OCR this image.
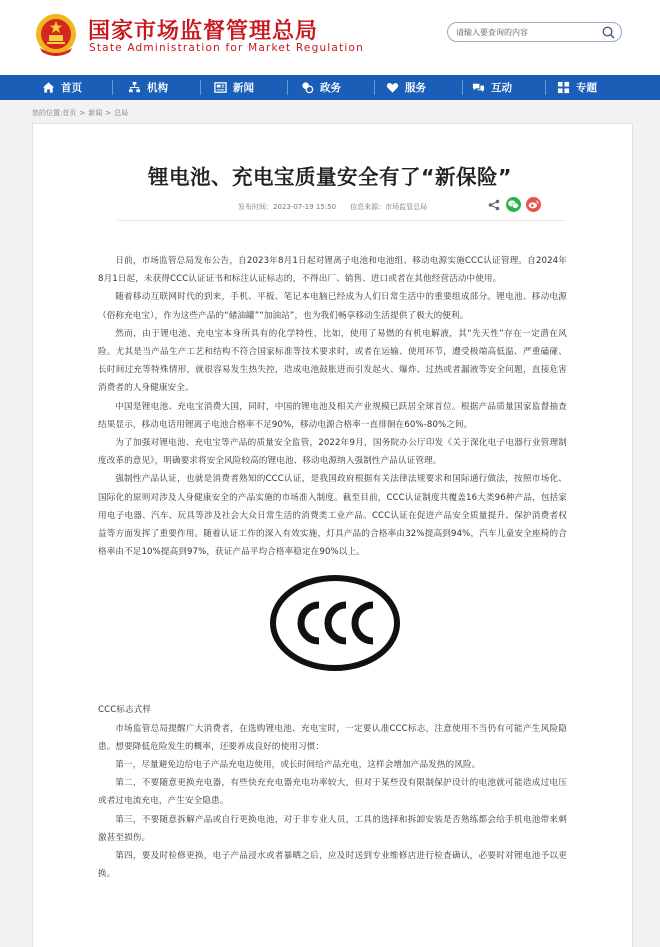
国家市场监督管理总局
State Administration for Market Regulation
请输入要查询的内容
首页	机构	新闻	政务	服务	互动	专题
您的位置:首页 > 新闻 > 总局
锂电池、充电宝质量安全有了“新保险”
发布时间：2023-07-19 15:50 信息来源：市场监管总局

日前，市场监管总局发布公告，自2023年8月1日起对锂离子电池和电池组、移动电源实施CCC认证管理。自2024年8月1日起，未获得CCC认证证书和标注认证标志的，不得出厂、销售、进口或者在其他经营活动中使用。

随着移动互联网时代的到来，手机、平板、笔记本电脑已经成为人们日常生活中的重要组成部分。锂电池、移动电源（俗称充电宝），作为这些产品的“储油罐”“加油站”，也为我们畅享移动生活提供了极大的便利。

然而，由于锂电池、充电宝本身所具有的化学特性，比如，使用了易燃的有机电解液，其“先天性”存在一定潜在风险。尤其是当产品生产工艺和结构不符合国家标准等技术要求时，或者在运输、使用环节，遭受极端高低温、严重磕碰、长时间过充等特殊情形，就很容易发生热失控，造成电池鼓胀进而引发起火、爆炸、过热或者漏液等安全问题，直接危害消费者的人身健康安全。

中国是锂电池、充电宝消费大国，同时，中国的锂电池及相关产业规模已跃居全球首位。根据产品质量国家监督抽查结果显示，移动电话用锂离子电池合格率不足90%，移动电源合格率一直徘徊在60%-80%之间。

为了加强对锂电池、充电宝等产品的质量安全监管，2022年9月，国务院办公厅印发《关于深化电子电器行业管理制度改革的意见》，明确要求将安全风险较高的锂电池、移动电源纳入强制性产品认证管理。

强制性产品认证，也就是消费者熟知的CCC认证，是我国政府根据有关法律法规要求和国际通行做法，按照市场化、国际化的原则对涉及人身健康安全的产品实施的市场准入制度。截至目前，CCC认证制度共覆盖16大类96种产品，包括家用电子电器、汽车、玩具等涉及社会大众日常生活的消费类工业产品。CCC认证在促进产品安全质量提升、保护消费者权益等方面发挥了重要作用。随着认证工作的深入有效实施，灯具产品的合格率由32%提高到94%，汽车儿童安全座椅的合格率由不足10%提高到97%，获证产品平均合格率稳定在90%以上。

CCC标志式样

市场监管总局提醒广大消费者，在选购锂电池、充电宝时，一定要认准CCC标志，注意使用不当仍有可能产生风险隐患。想要降低危险发生的概率，还要养成良好的使用习惯：

第一，尽量避免边给电子产品充电边使用，或长时间给产品充电，这样会增加产品发热的风险。

第二，不要随意更换充电器，有些快充充电器充电功率较大，但对于某些没有限制保护设计的电池就可能造成过电压或者过电流充电，产生安全隐患。

第三，不要随意拆解产品或自行更换电池，对于非专业人员，工具的选择和拆卸安装是否熟练都会给手机电池带来刺激甚至损伤。

第四，要及时检修更换，电子产品浸水或者暴晒之后，应及时送到专业维修店进行检查确认，必要时对锂电池予以更换。
